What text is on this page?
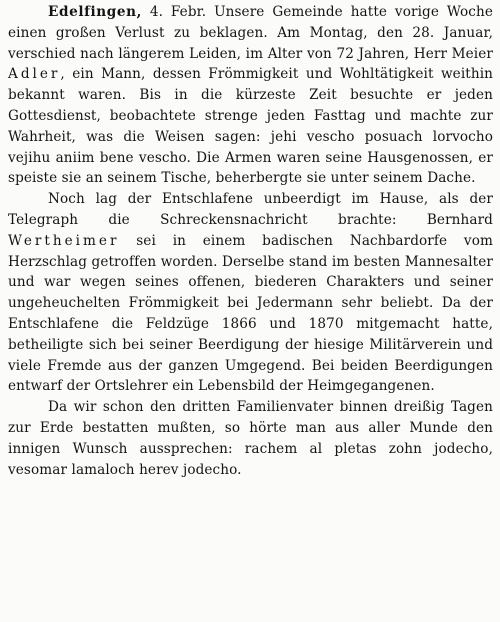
Edelfingen, 4. Febr. Unsere Gemeinde hatte vorige Woche einen großen Verlust zu beklagen. Am Montag, den 28. Januar, verschied nach längerem Leiden, im Alter von 72 Jahren, Herr Meier Adler, ein Mann, dessen Frömmigkeit und Wohltätigkeit weithin bekannt waren. Bis in die kürzeste Zeit besuchte er jeden Gottesdienst, beobachtete strenge jeden Fasttag und machte zur Wahrheit, was die Weisen sagen: jehi vescho posuach lorvocho vejihu aniim bene vescho. Die Armen waren seine Hausgenossen, er speiste sie an seinem Tische, beherbergte sie unter seinem Dache.

Noch lag der Entschlafene unbeerdigt im Hause, als der Telegraph die Schreckensnachricht brachte: Bernhard Wertheimer sei in einem badischen Nachbardorfe vom Herzschlag getroffen worden. Derselbe stand im besten Mannesalter und war wegen seines offenen, biederen Charakters und seiner ungeheuchelten Frömmigkeit bei Jedermann sehr beliebt. Da der Entschlafene die Feldzüge 1866 und 1870 mitgemacht hatte, betheiligte sich bei seiner Beerdigung der hiesige Militärverein und viele Fremde aus der ganzen Umgegend. Bei beiden Beerdigungen entwarf der Ortslehrer ein Lebensbild der Heimgegangenen.

Da wir schon den dritten Familienvater binnen dreißig Tagen zur Erde bestatten mußten, so hörte man aus aller Munde den innigen Wunsch aussprechen: rachem al pletas zohn jodecho, vesomar lamaloch herev jodecho.
